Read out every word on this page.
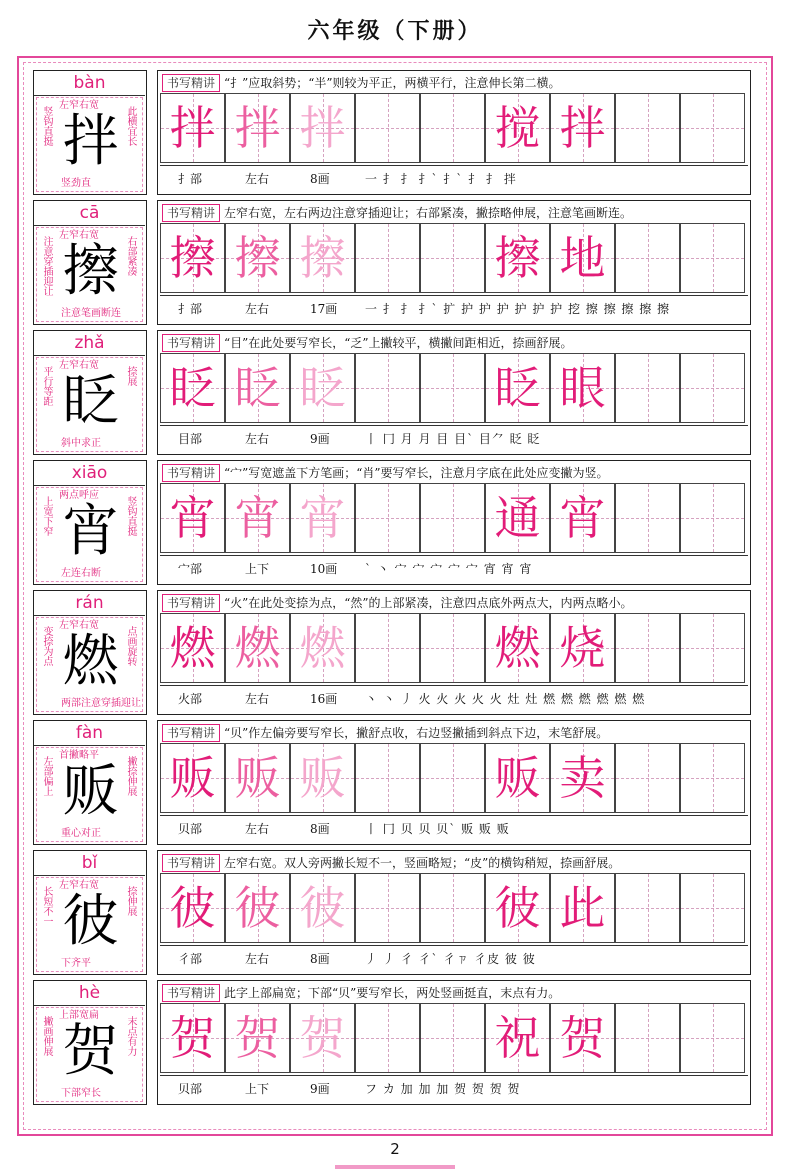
六年级（下册）
bàn
拌
左窄右宽
竖钩直挺	此横宜长
竖劲直
书写精讲 “扌”应取斜势；“半”则较为平正，两横平行，注意伸长第二横。
拌 拌 拌	搅 拌
扌部	左右	8画	一 扌 扌 扌` 扌` 扌 扌 拌
cā
擦
左窄右宽
注意穿插迎让	右部紧凑
注意笔画断连
书写精讲 左窄右宽，左右两边注意穿插迎让；右部紧凑，撇捺略伸展，注意笔画断连。
擦 擦 擦	擦 地
扌部	左右	17画 一 扌 扌 扌` 扩 护 护 护 护 护 护 挖 擦 擦 擦 擦 擦
zhǎ
眨
左窄右宽
平行等距	捺展
斜中求正
书写精讲 “目”在此处要写窄长，“乏”上撇较平，横撇间距相近，捺画舒展。
眨 眨 眨	眨 眼
目部	左右	9画	丨 冂 月 月 目 目` 目⺈ 眨 眨
xiāo
宵
两点呼应
上宽下窄	竖钩直挺
左连右断
书写精讲 “宀”写宽遮盖下方笔画；“肖”要写窄长，注意月字底在此处应变撇为竖。
宵 宵 宵	通 宵
宀部	上下	10画 ` 丶 宀 宀 宀 宀 宀 宵 宵 宵
rán
燃
左窄右宽
变捺为点	点画旋转
两部注意穿插迎让
书写精讲 “火”在此处变捺为点，“然”的上部紧凑，注意四点底外两点大，内两点略小。
燃 燃 燃	燃 烧
火部	左右	16画 丶 丶 丿 火 火 火 火 火 灶 灶 燃 燃 燃 燃 燃 燃
fàn
贩
首撇略平
左部偏上	撇捺伸展
重心对正
书写精讲 “贝”作左偏旁要写窄长，撇舒点收，右边竖撇插到斜点下边，末笔舒展。
贩 贩 贩	贩 卖
贝部	左右	8画	丨 冂 贝 贝 贝` 贩 贩 贩
bǐ
彼
左窄右宽
长短不一	捺伸展
下齐平
书写精讲 左窄右宽。双人旁两撇长短不一，竖画略短；“皮”的横钩稍短，捺画舒展。
彼 彼 彼	彼 此
彳部	左右	8画	丿 丿 彳 彳` 彳ㄗ 彳皮 彼 彼
hè
贺
上部宽扁
撇画伸展	末点有力
下部窄长
书写精讲 此字上部扁宽；下部“贝”要写窄长，两处竖画挺直，末点有力。
贺 贺 贺	祝 贺
贝部	上下	9画	フ カ 加 加 加 贺 贺 贺 贺
2
